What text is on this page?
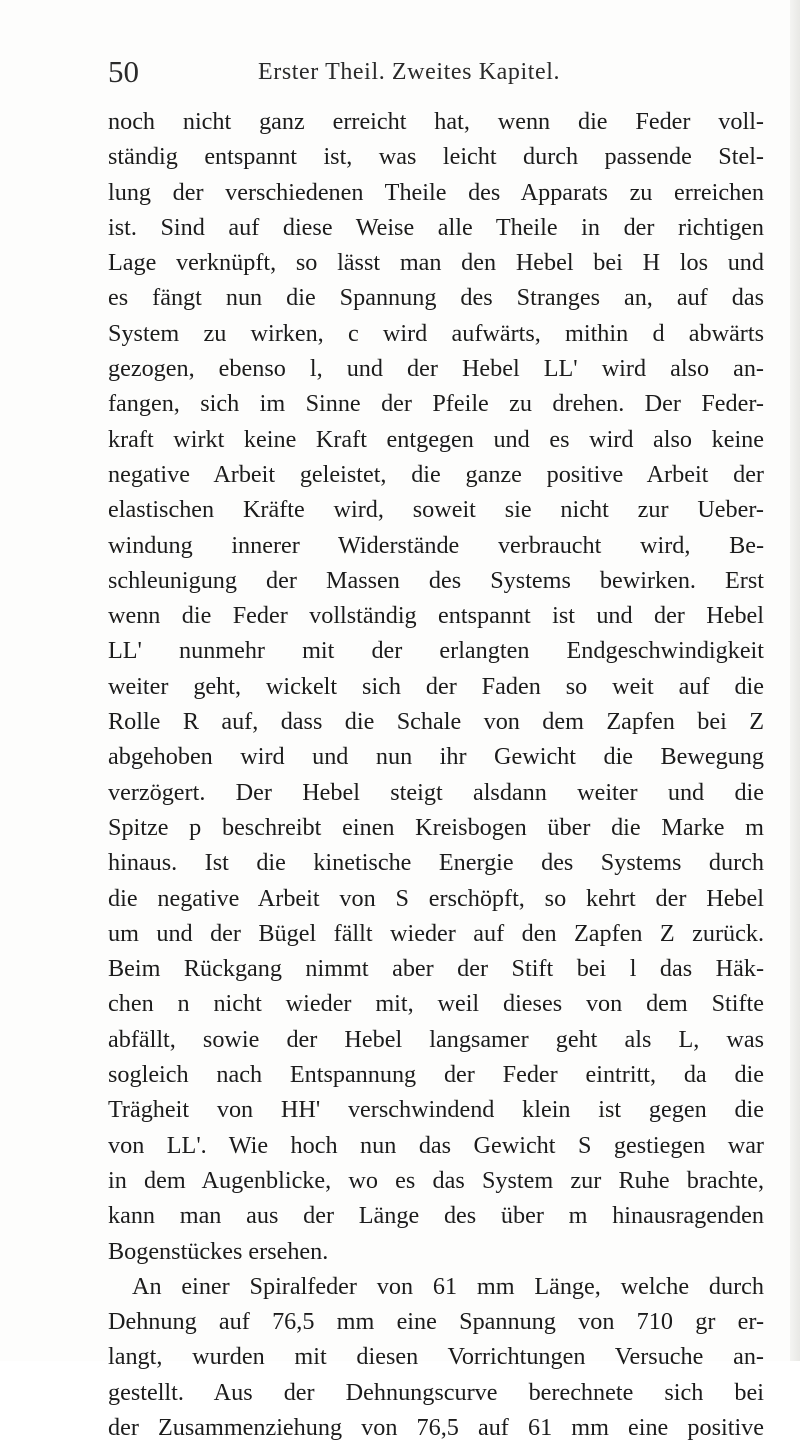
50	Erster Theil. Zweites Kapitel.
noch nicht ganz erreicht hat, wenn die Feder voll-
ständig entspannt ist, was leicht durch passende Stel-
lung der verschiedenen Theile des Apparats zu erreichen
ist. Sind auf diese Weise alle Theile in der richtigen
Lage verknüpft, so lässt man den Hebel bei H los und
es fängt nun die Spannung des Stranges an, auf das
System zu wirken, c wird aufwärts, mithin d abwärts
gezogen, ebenso l, und der Hebel LL' wird also an-
fangen, sich im Sinne der Pfeile zu drehen. Der Feder-
kraft wirkt keine Kraft entgegen und es wird also keine
negative Arbeit geleistet, die ganze positive Arbeit der
elastischen Kräfte wird, soweit sie nicht zur Ueber-
windung innerer Widerstände verbraucht wird, Be-
schleunigung der Massen des Systems bewirken. Erst
wenn die Feder vollständig entspannt ist und der Hebel
LL' nunmehr mit der erlangten Endgeschwindigkeit
weiter geht, wickelt sich der Faden so weit auf die
Rolle R auf, dass die Schale von dem Zapfen bei Z
abgehoben wird und nun ihr Gewicht die Bewegung
verzögert. Der Hebel steigt alsdann weiter und die
Spitze p beschreibt einen Kreisbogen über die Marke m
hinaus. Ist die kinetische Energie des Systems durch
die negative Arbeit von S erschöpft, so kehrt der Hebel
um und der Bügel fällt wieder auf den Zapfen Z zurück.
Beim Rückgang nimmt aber der Stift bei l das Häk-
chen n nicht wieder mit, weil dieses von dem Stifte
abfällt, sowie der Hebel langsamer geht als L, was
sogleich nach Entspannung der Feder eintritt, da die
Trägheit von HH' verschwindend klein ist gegen die
von LL'. Wie hoch nun das Gewicht S gestiegen war
in dem Augenblicke, wo es das System zur Ruhe brachte,
kann man aus der Länge des über m hinausragenden
Bogenstückes ersehen.
An einer Spiralfeder von 61 mm Länge, welche durch
Dehnung auf 76,5 mm eine Spannung von 710 gr er-
langt, wurden mit diesen Vorrichtungen Versuche an-
gestellt. Aus der Dehnungscurve berechnete sich bei
der Zusammenziehung von 76,5 auf 61 mm eine positive
